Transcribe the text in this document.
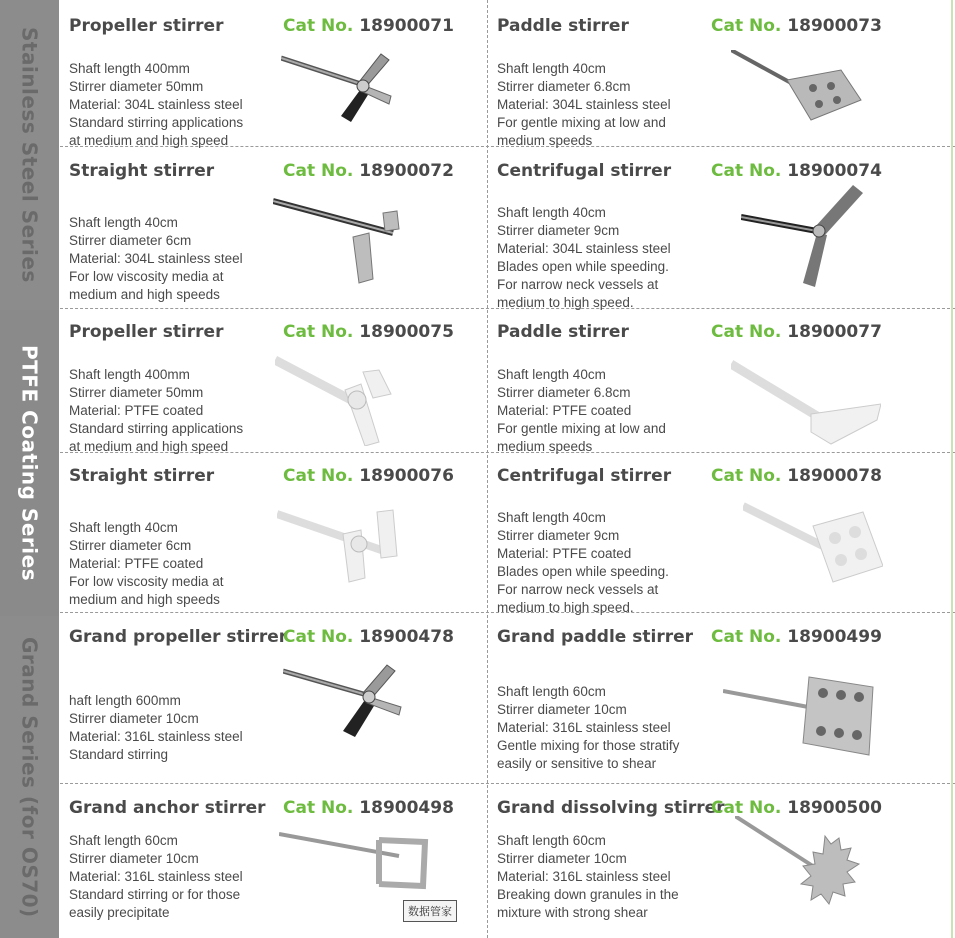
Stainless Steel Series
PTFE Coating Series
Grand Series (for OS70)
Propeller stirrer	Cat No. 18900071
Shaft length 400mm
Stirrer diameter 50mm
Material: 304L stainless steel
Standard stirring applications
at medium and high speed
Paddle stirrer	Cat No. 18900073
Shaft length 40cm
Stirrer diameter 6.8cm
Material: 304L stainless steel
For gentle mixing at low and
medium speeds
Straight stirrer	Cat No. 18900072
Shaft length 40cm
Stirrer diameter 6cm
Material: 304L stainless steel
For low viscosity media at
medium and high speeds
Centrifugal stirrer Cat No. 18900074
Shaft length 40cm
Stirrer diameter 9cm
Material: 304L stainless steel
Blades open while speeding.
For narrow neck vessels at
medium to high speed.
Propeller stirrer	Cat No. 18900075
Shaft length 400mm
Stirrer diameter 50mm
Material: PTFE coated
Standard stirring applications
at medium and high speed
Paddle stirrer	Cat No. 18900077
Shaft length 40cm
Stirrer diameter 6.8cm
Material: PTFE coated
For gentle mixing at low and
medium speeds
Straight stirrer	Cat No. 18900076
Shaft length 40cm
Stirrer diameter 6cm
Material: PTFE coated
For low viscosity media at
medium and high speeds
Centrifugal stirrer Cat No. 18900078
Shaft length 40cm
Stirrer diameter 9cm
Material: PTFE coated
Blades open while speeding.
For narrow neck vessels at
medium to high speed.
Grand propeller stirrer
Cat No. 18900478
haft length 600mm
Stirrer diameter 10cm
Material: 316L stainless steel
Standard stirring
Grand paddle stirrer Cat No. 18900499
Shaft length 60cm
Stirrer diameter 10cm
Material: 316L stainless steel
Gentle mixing for those stratify
easily or sensitive to shear
Grand anchor stirrer Cat No. 18900498
Shaft length 60cm
Stirrer diameter 10cm
Material: 316L stainless steel
Standard stirring or for those
easily precipitate
Grand dissolving stirrer
Cat No. 18900500
Shaft length 60cm
Stirrer diameter 10cm
Material: 316L stainless steel
Breaking down granules in the
mixture with strong shear
数据管家
